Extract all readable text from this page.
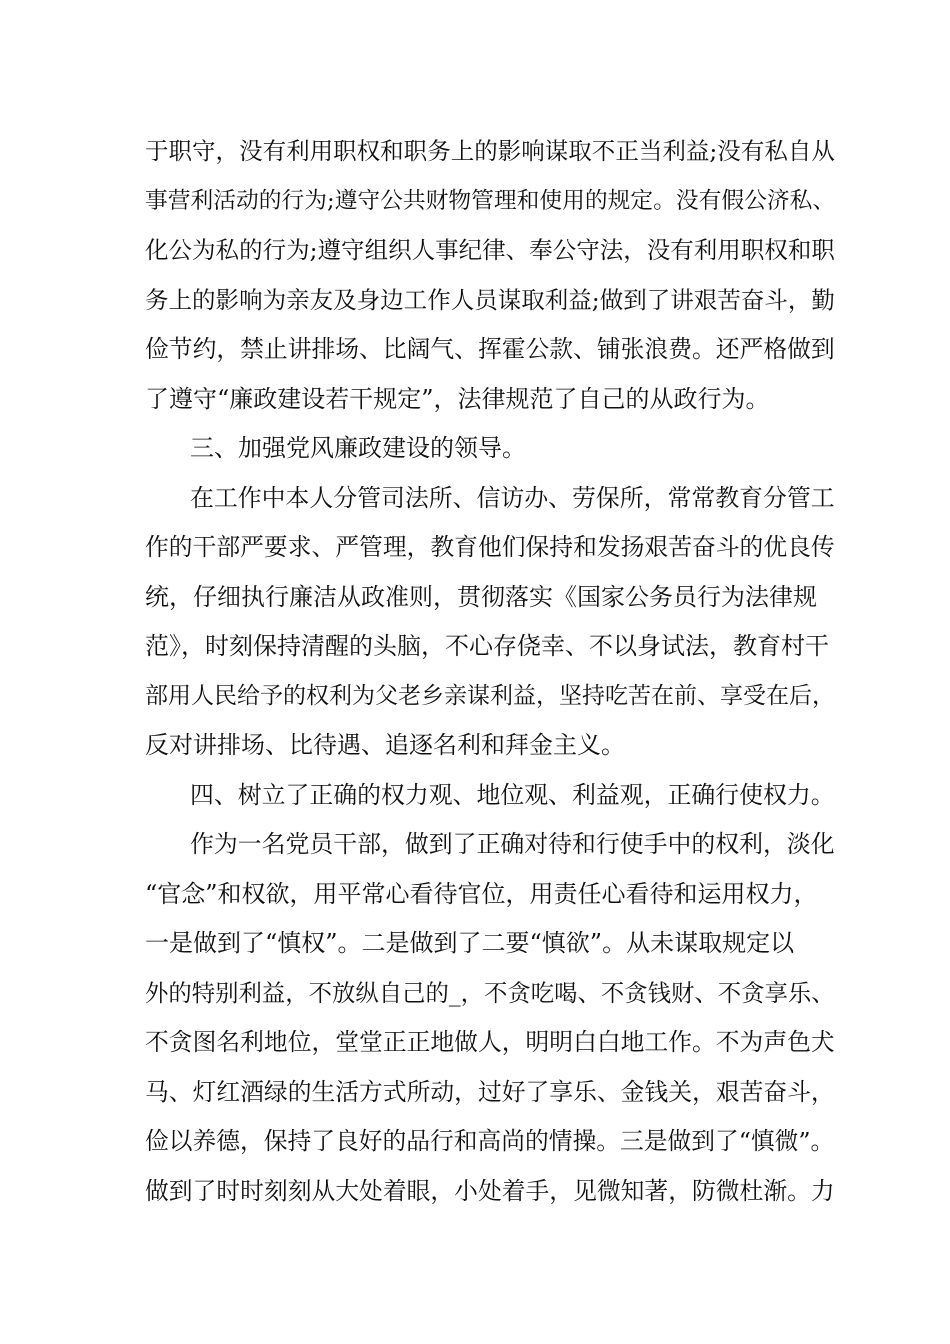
于职守，没有利用职权和职务上的影响谋取不正当利益;没有私自从
事营利活动的行为;遵守公共财物管理和使用的规定。没有假公济私、
化公为私的行为;遵守组织人事纪律、奉公守法，没有利用职权和职
务上的影响为亲友及身边工作人员谋取利益;做到了讲艰苦奋斗，勤
俭节约，禁止讲排场、比阔气、挥霍公款、铺张浪费。还严格做到
了遵守“廉政建设若干规定”，法律规范了自己的从政行为。
三、加强党风廉政建设的领导。
在工作中本人分管司法所、信访办、劳保所，常常教育分管工
作的干部严要求、严管理，教育他们保持和发扬艰苦奋斗的优良传
统，仔细执行廉洁从政准则，贯彻落实《国家公务员行为法律规
范》，时刻保持清醒的头脑，不心存侥幸、不以身试法，教育村干
部用人民给予的权利为父老乡亲谋利益，坚持吃苦在前、享受在后，
反对讲排场、比待遇、追逐名利和拜金主义。
四、树立了正确的权力观、地位观、利益观，正确行使权力。
作为一名党员干部，做到了正确对待和行使手中的权利，淡化
“官念”和权欲，用平常心看待官位，用责任心看待和运用权力，
一是做到了“慎权”。二是做到了二要“慎欲”。从未谋取规定以
外的特别利益，不放纵自己的_，不贪吃喝、不贪钱财、不贪享乐、
不贪图名利地位，堂堂正正地做人，明明白白地工作。不为声色犬
马、灯红酒绿的生活方式所动，过好了享乐、金钱关，艰苦奋斗，
俭以养德，保持了良好的品行和高尚的情操。三是做到了“慎微”。
做到了时时刻刻从大处着眼，小处着手，见微知著，防微杜渐。力
